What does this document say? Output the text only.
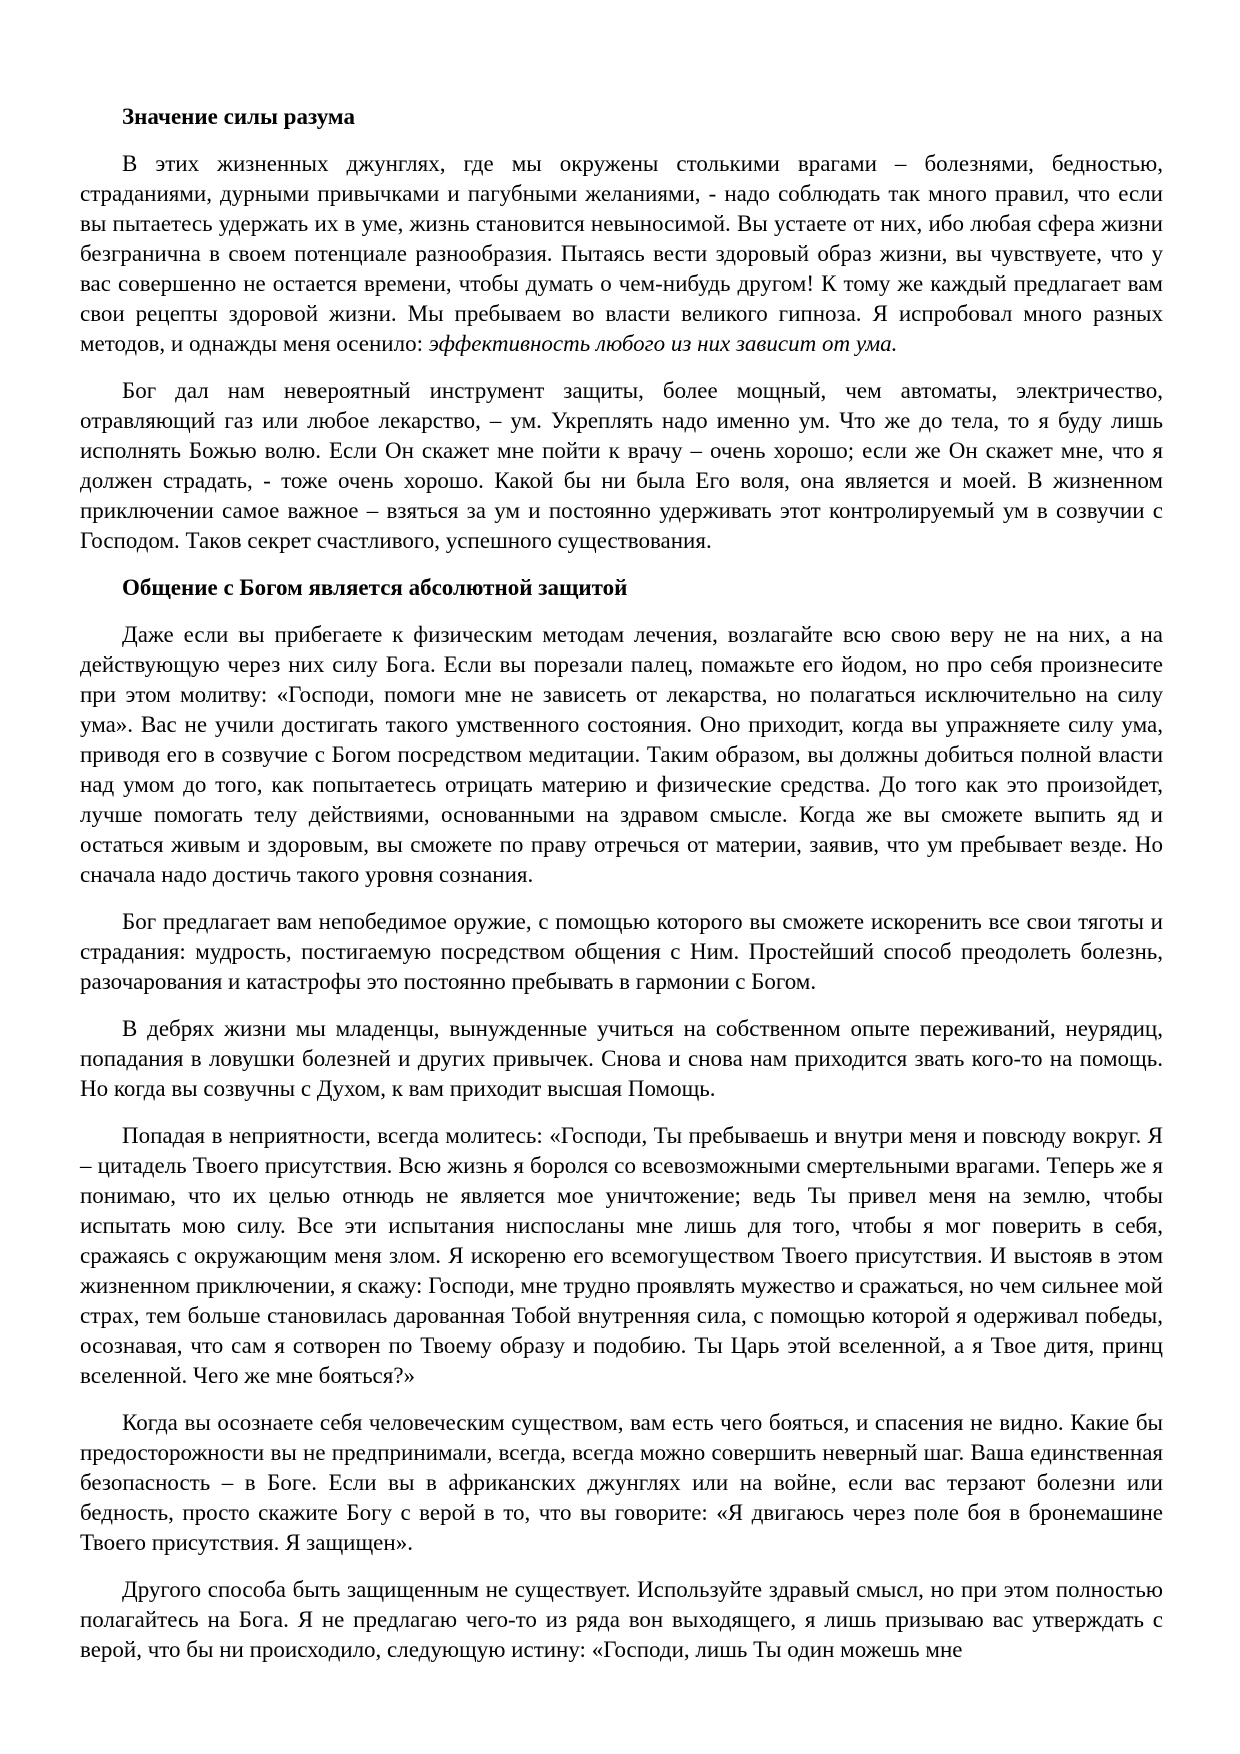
Значение силы разума

В этих жизненных джунглях, где мы окружены столькими врагами – болезнями, бедностью, страданиями, дурными привычками и пагубными желаниями, - надо соблюдать так много правил, что если вы пытаетесь удержать их в уме, жизнь становится невыносимой. Вы устаете от них, ибо любая сфера жизни безгранична в своем потенциале разнообразия. Пытаясь вести здоровый образ жизни, вы чувствуете, что у вас совершенно не остается времени, чтобы думать о чем-нибудь другом! К тому же каждый предлагает вам свои рецепты здоровой жизни. Мы пребываем во власти великого гипноза. Я испробовал много разных методов, и однажды меня осенило: эффективность любого из них зависит от ума.

Бог дал нам невероятный инструмент защиты, более мощный, чем автоматы, электричество, отравляющий газ или любое лекарство, – ум. Укреплять надо именно ум. Что же до тела, то я буду лишь исполнять Божью волю. Если Он скажет мне пойти к врачу – очень хорошо; если же Он скажет мне, что я должен страдать, - тоже очень хорошо. Какой бы ни была Его воля, она является и моей. В жизненном приключении самое важное – взяться за ум и постоянно удерживать этот контролируемый ум в созвучии с Господом. Таков секрет счастливого, успешного существования.

Общение с Богом является абсолютной защитой

Даже если вы прибегаете к физическим методам лечения, возлагайте всю свою веру не на них, а на действующую через них силу Бога. Если вы порезали палец, помажьте его йодом, но про себя произнесите при этом молитву: «Господи, помоги мне не зависеть от лекарства, но полагаться исключительно на силу ума». Вас не учили достигать такого умственного состояния. Оно приходит, когда вы упражняете силу ума, приводя его в созвучие с Богом посредством медитации. Таким образом, вы должны добиться полной власти над умом до того, как попытаетесь отрицать материю и физические средства. До того как это произойдет, лучше помогать телу действиями, основанными на здравом смысле. Когда же вы сможете выпить яд и остаться живым и здоровым, вы сможете по праву отречься от материи, заявив, что ум пребывает везде. Но сначала надо достичь такого уровня сознания.

Бог предлагает вам непобедимое оружие, с помощью которого вы сможете искоренить все свои тяготы и страдания: мудрость, постигаемую посредством общения с Ним. Простейший способ преодолеть болезнь, разочарования и катастрофы это постоянно пребывать в гармонии с Богом.

В дебрях жизни мы младенцы, вынужденные учиться на собственном опыте переживаний, неурядиц, попадания в ловушки болезней и других привычек. Снова и снова нам приходится звать кого-то на помощь. Но когда вы созвучны с Духом, к вам приходит высшая Помощь.

Попадая в неприятности, всегда молитесь: «Господи, Ты пребываешь и внутри меня и повсюду вокруг. Я – цитадель Твоего присутствия. Всю жизнь я боролся со всевозможными смертельными врагами. Теперь же я понимаю, что их целью отнюдь не является мое уничтожение; ведь Ты привел меня на землю, чтобы испытать мою силу. Все эти испытания ниспосланы мне лишь для того, чтобы я мог поверить в себя, сражаясь с окружающим меня злом. Я искореню его всемогуществом Твоего присутствия. И выстояв в этом жизненном приключении, я скажу: Господи, мне трудно проявлять мужество и сражаться, но чем сильнее мой страх, тем больше становилась дарованная Тобой внутренняя сила, с помощью которой я одерживал победы, осознавая, что сам я сотворен по Твоему образу и подобию. Ты Царь этой вселенной, а я Твое дитя, принц вселенной. Чего же мне бояться?»

Когда вы осознаете себя человеческим существом, вам есть чего бояться, и спасения не видно. Какие бы предосторожности вы не предпринимали, всегда, всегда можно совершить неверный шаг. Ваша единственная безопасность – в Боге. Если вы в африканских джунглях или на войне, если вас терзают болезни или бедность, просто скажите Богу с верой в то, что вы говорите: «Я двигаюсь через поле боя в бронемашине Твоего присутствия. Я защищен».

Другого способа быть защищенным не существует. Используйте здравый смысл, но при этом полностью полагайтесь на Бога. Я не предлагаю чего-то из ряда вон выходящего, я лишь призываю вас утверждать с верой, что бы ни происходило, следующую истину: «Господи, лишь Ты один можешь мне
